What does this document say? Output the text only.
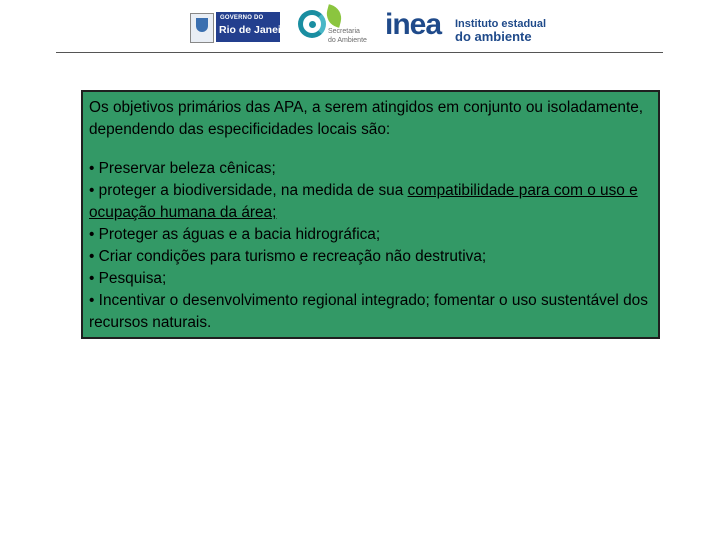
GOVERNO DO
Rio de Janeiro	Secretaria
do Ambiente inea Instituto estadual
do ambiente

Os objetivos primários das APA, a serem atingidos em conjunto ou isoladamente, dependendo das especificidades locais são:

• Preservar beleza cênicas;

• proteger a biodiversidade, na medida de sua compatibilidade para com o uso e ocupação humana da área;

• Proteger as águas e a bacia hidrográfica;

• Criar condições para turismo e recreação não destrutiva;

• Pesquisa;

• Incentivar o desenvolvimento regional integrado; fomentar o uso sustentável dos recursos naturais.
